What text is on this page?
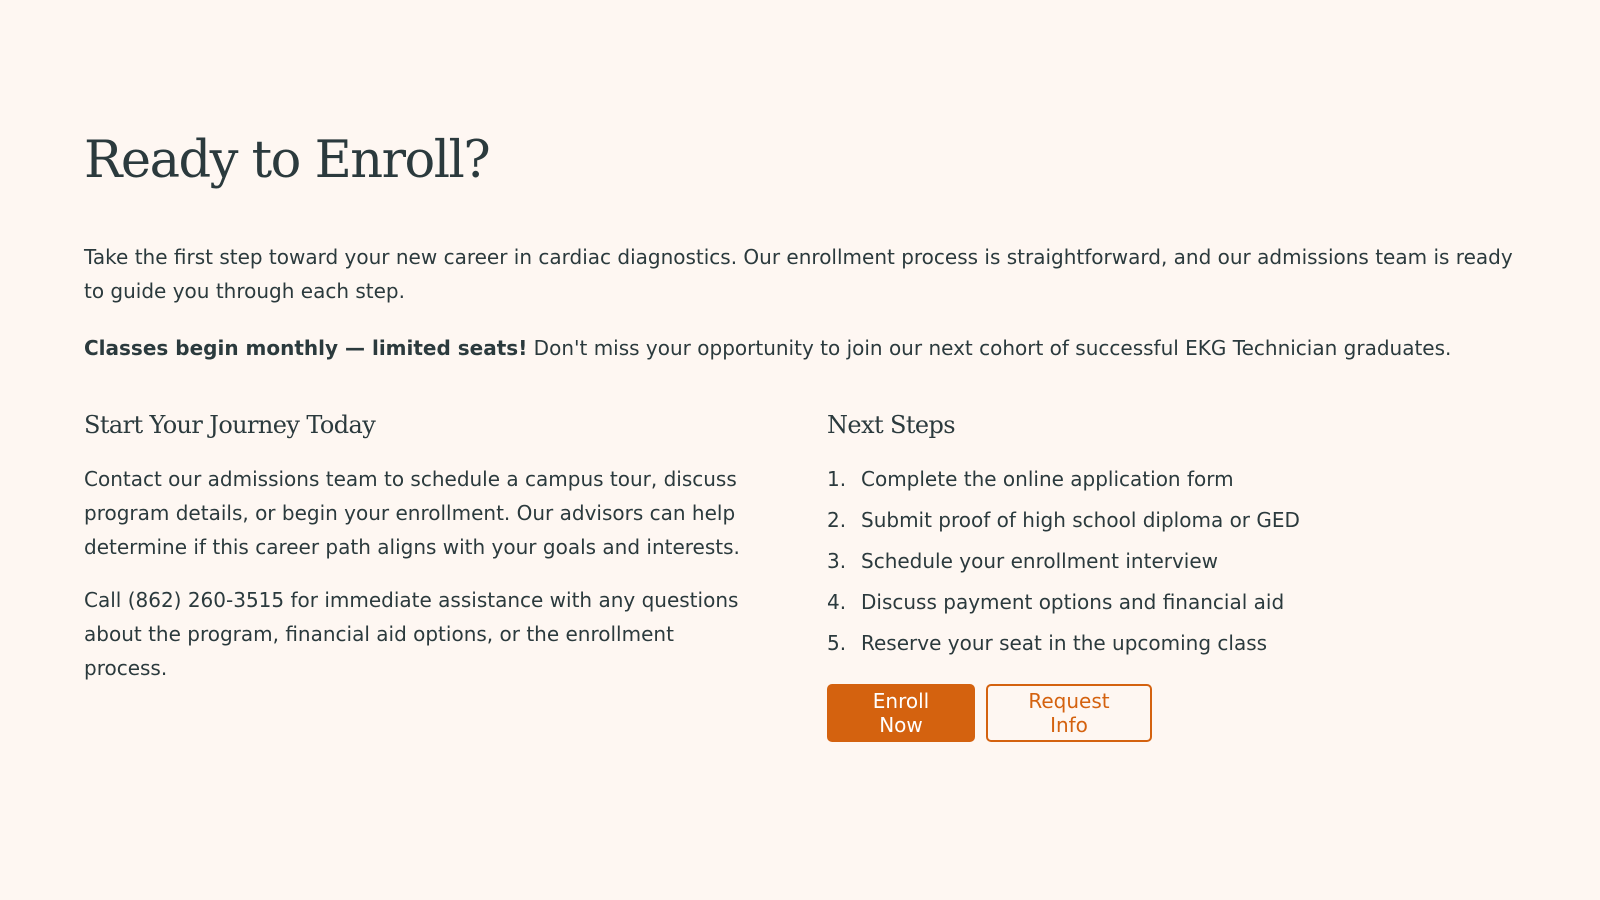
Ready to Enroll?

Take the first step toward your new career in cardiac diagnostics. Our enrollment process is straightforward, and our admissions team is ready to guide you through each step.

Classes begin monthly — limited seats! Don't miss your opportunity to join our next cohort of successful EKG Technician graduates.

Start Your Journey Today

Contact our admissions team to schedule a campus tour, discuss program details, or begin your enrollment. Our advisors can help determine if this career path aligns with your goals and interests.

Call (862) 260-3515 for immediate assistance with any questions about the program, financial aid options, or the enrollment process.

Next Steps
1. Complete the online application form
2. Submit proof of high school diploma or GED
3. Schedule your enrollment interview
4. Discuss payment options and financial aid
5. Reserve your seat in the upcoming class
Enroll Now
Request Info
